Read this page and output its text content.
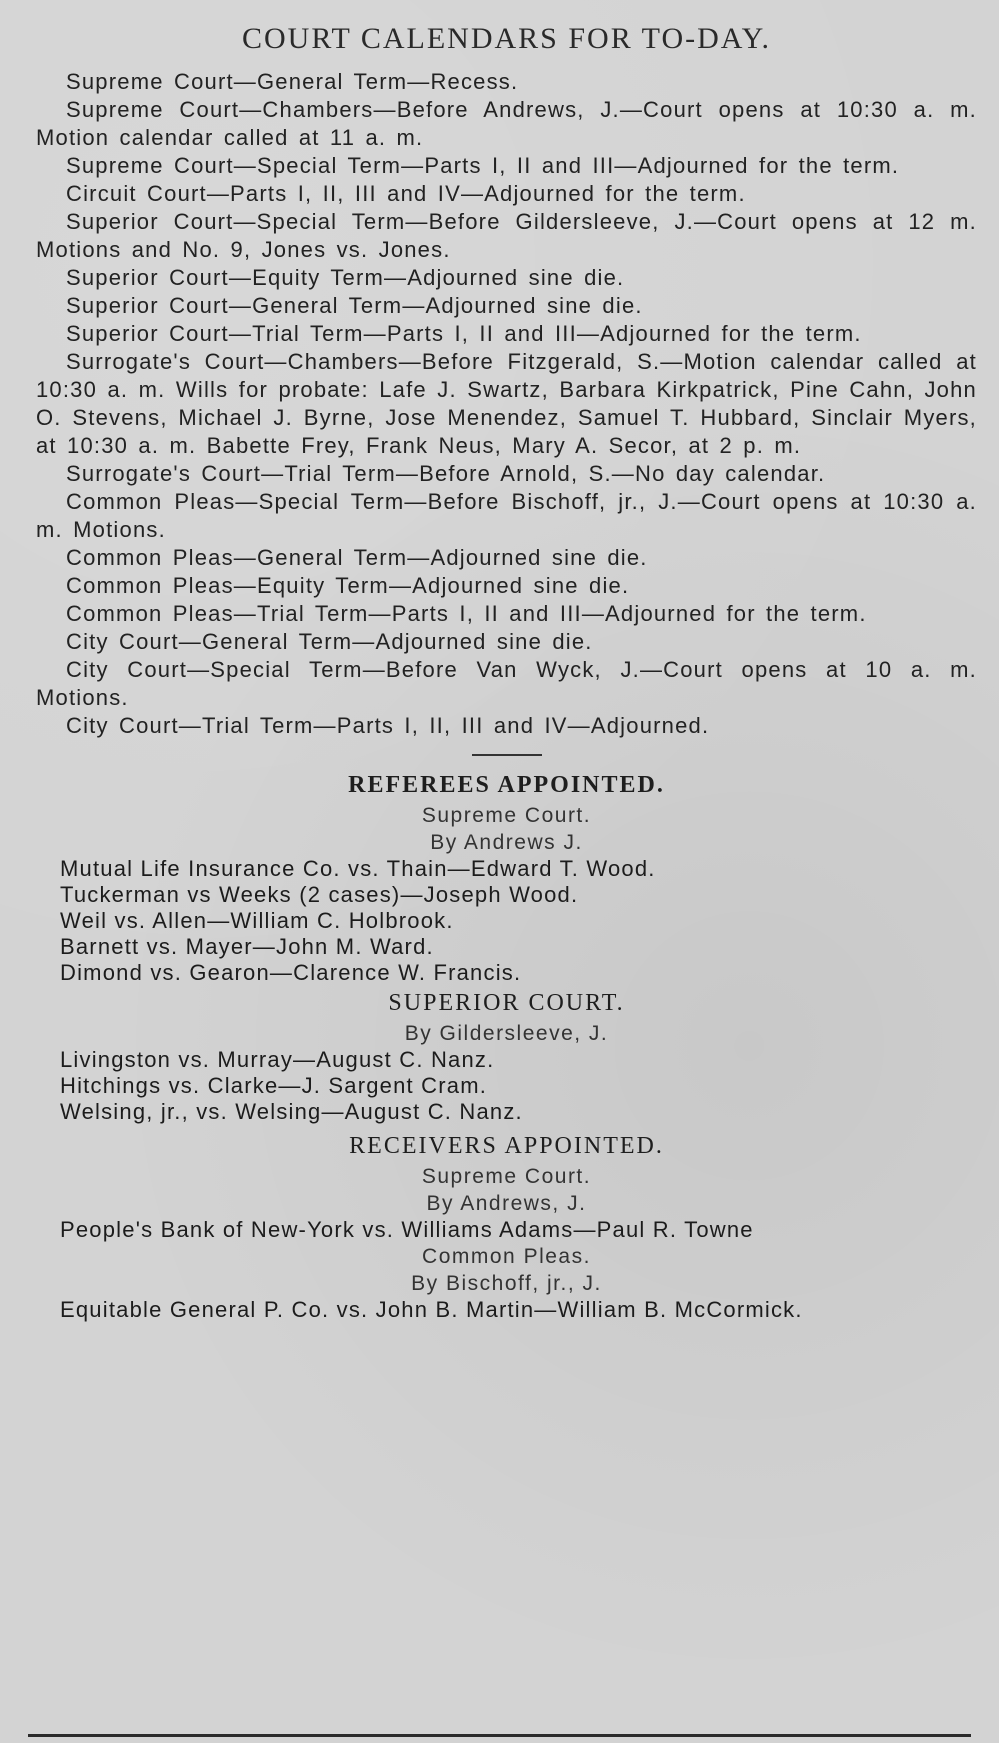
COURT CALENDARS FOR TO-DAY.

Supreme Court—General Term—Recess.

Supreme Court—Chambers—Before Andrews, J.—Court opens at 10:30 a. m. Motion calendar called at 11 a. m.

Supreme Court—Special Term—Parts I, II and III—Adjourned for the term.

Circuit Court—Parts I, II, III and IV—Adjourned for the term.

Superior Court—Special Term—Before Gildersleeve, J.—Court opens at 12 m. Motions and No. 9, Jones vs. Jones.

Superior Court—Equity Term—Adjourned sine die.

Superior Court—General Term—Adjourned sine die.

Superior Court—Trial Term—Parts I, II and III—Adjourned for the term.

Surrogate's Court—Chambers—Before Fitzgerald, S.—Motion calendar called at 10:30 a. m. Wills for probate: Lafe J. Swartz, Barbara Kirkpatrick, Pine Cahn, John O. Stevens, Michael J. Byrne, Jose Menendez, Samuel T. Hubbard, Sinclair Myers, at 10:30 a. m. Babette Frey, Frank Neus, Mary A. Secor, at 2 p. m.

Surrogate's Court—Trial Term—Before Arnold, S.—No day calendar.

Common Pleas—Special Term—Before Bischoff, jr., J.—Court opens at 10:30 a. m. Motions.

Common Pleas—General Term—Adjourned sine die.

Common Pleas—Equity Term—Adjourned sine die.

Common Pleas—Trial Term—Parts I, II and III—Adjourned for the term.

City Court—General Term—Adjourned sine die.

City Court—Special Term—Before Van Wyck, J.—Court opens at 10 a. m. Motions.

City Court—Trial Term—Parts I, II, III and IV—Adjourned.

REFEREES APPOINTED.
Supreme Court.
By Andrews J.
Mutual Life Insurance Co. vs. Thain—Edward T. Wood.
Tuckerman vs Weeks (2 cases)—Joseph Wood.
Weil vs. Allen—William C. Holbrook.
Barnett vs. Mayer—John M. Ward.
Dimond vs. Gearon—Clarence W. Francis.
SUPERIOR COURT.
By Gildersleeve, J.
Livingston vs. Murray—August C. Nanz.
Hitchings vs. Clarke—J. Sargent Cram.
Welsing, jr., vs. Welsing—August C. Nanz.
RECEIVERS APPOINTED.
Supreme Court.
By Andrews, J.
People's Bank of New-York vs. Williams Adams—Paul R. Towne
Common Pleas.
By Bischoff, jr., J.
Equitable General P. Co. vs. John B. Martin—William B. McCormick.
